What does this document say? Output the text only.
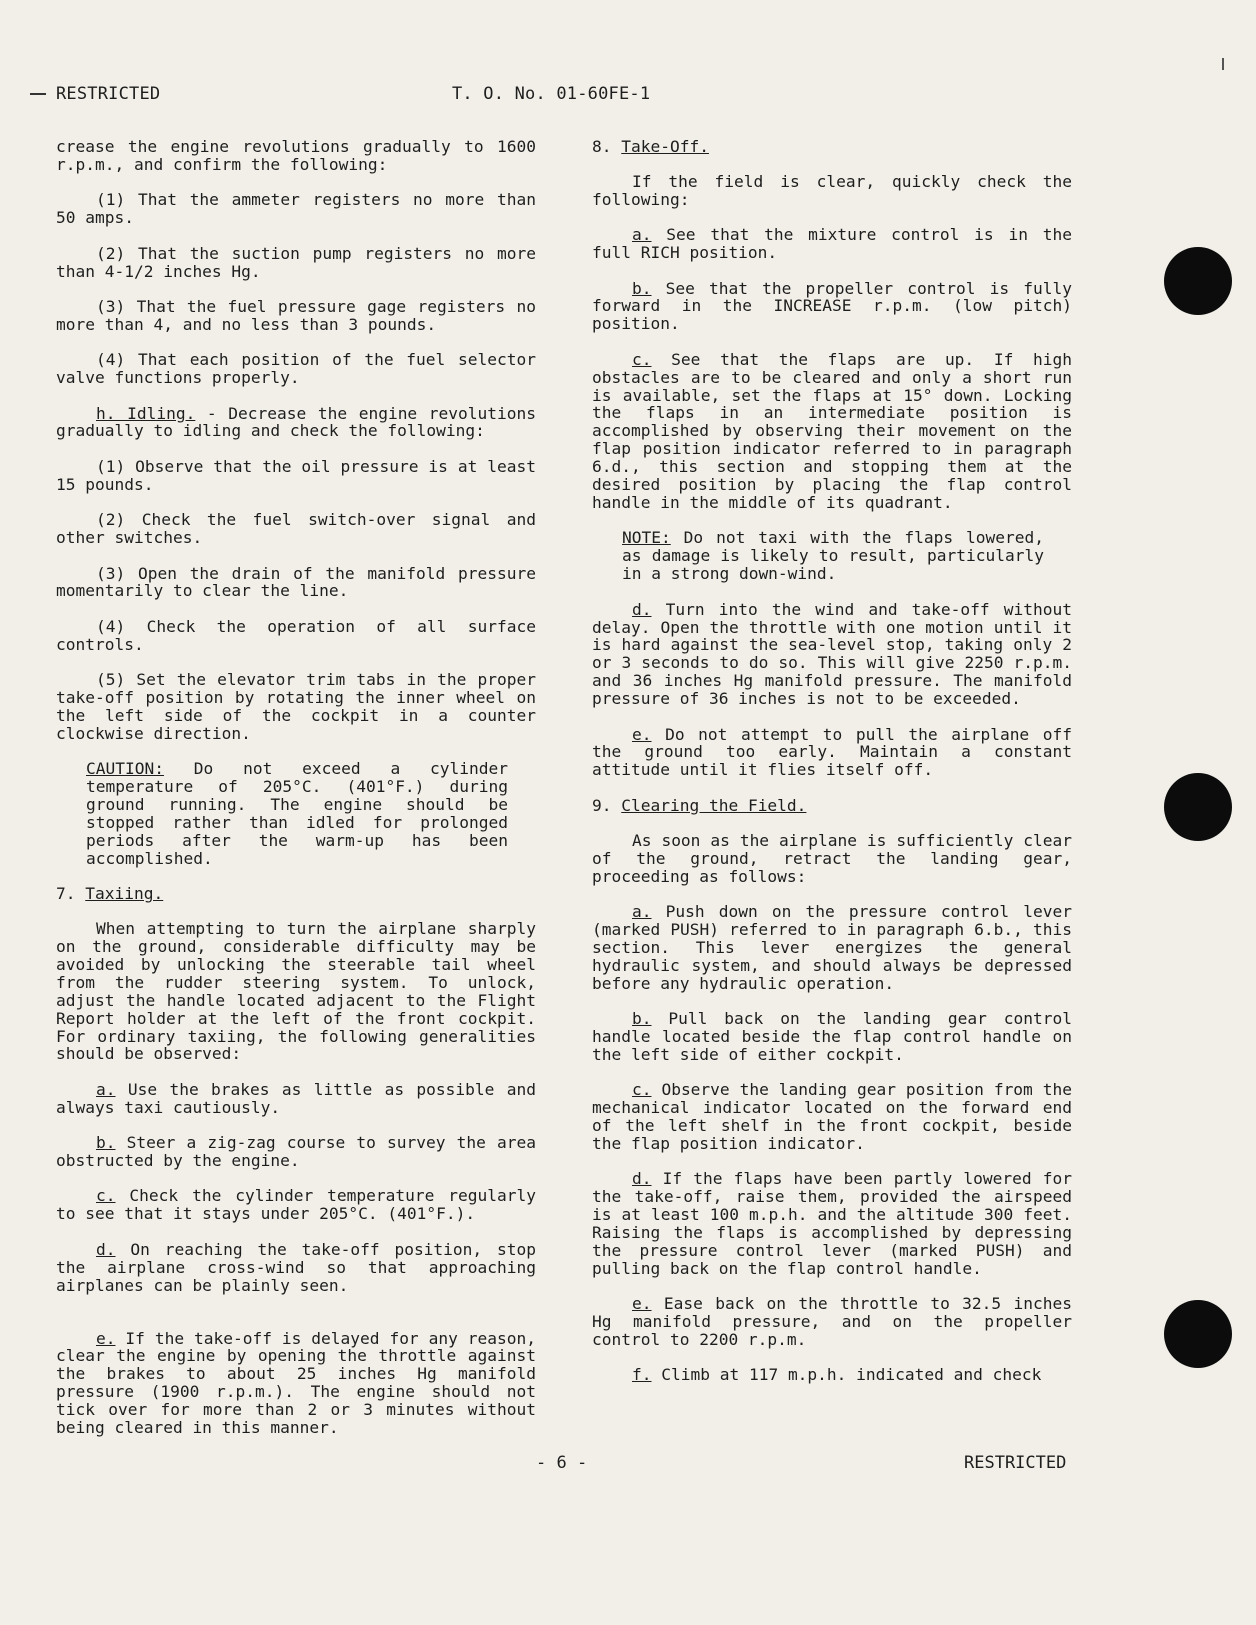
RESTRICTED	T. O. No. 01-60FE-1

crease the engine revolutions gradually to 1600 r.p.m., and confirm the following:

(1) That the ammeter registers no more than 50 amps.

(2) That the suction pump registers no more than 4-1/2 inches Hg.

(3) That the fuel pressure gage registers no more than 4, and no less than 3 pounds.

(4) That each position of the fuel selector valve functions properly.

h. Idling. - Decrease the engine revolutions gradually to idling and check the following:

(1) Observe that the oil pressure is at least 15 pounds.

(2) Check the fuel switch-over signal and other switches.

(3) Open the drain of the manifold pressure momentarily to clear the line.

(4) Check the operation of all surface controls.

(5) Set the elevator trim tabs in the proper take-off position by rotating the inner wheel on the left side of the cockpit in a counter clockwise direction.

CAUTION: Do not exceed a cylinder temperature of 205°C. (401°F.) during ground running. The engine should be stopped rather than idled for prolonged periods after the warm-up has been accomplished.

7. Taxiing.

When attempting to turn the airplane sharply on the ground, considerable difficulty may be avoided by unlocking the steerable tail wheel from the rudder steering system. To unlock, adjust the handle located adjacent to the Flight Report holder at the left of the front cockpit. For ordinary taxiing, the following generalities should be observed:

a. Use the brakes as little as possible and always taxi cautiously.

b. Steer a zig-zag course to survey the area obstructed by the engine.

c. Check the cylinder temperature regularly to see that it stays under 205°C. (401°F.).

d. On reaching the take-off position, stop the airplane cross-wind so that approaching airplanes can be plainly seen.

e. If the take-off is delayed for any reason, clear the engine by opening the throttle against the brakes to about 25 inches Hg manifold pressure (1900 r.p.m.). The engine should not tick over for more than 2 or 3 minutes without being cleared in this manner.

8. Take-Off.

If the field is clear, quickly check the following:

a. See that the mixture control is in the full RICH position.

b. See that the propeller control is fully forward in the INCREASE r.p.m. (low pitch) position.

c. See that the flaps are up. If high obstacles are to be cleared and only a short run is available, set the flaps at 15° down. Locking the flaps in an intermediate position is accomplished by observing their movement on the flap position indicator referred to in paragraph 6.d., this section and stopping them at the desired position by placing the flap control handle in the middle of its quadrant.

NOTE: Do not taxi with the flaps lowered, as damage is likely to result, particularly in a strong down-wind.

d. Turn into the wind and take-off without delay. Open the throttle with one motion until it is hard against the sea-level stop, taking only 2 or 3 seconds to do so. This will give 2250 r.p.m. and 36 inches Hg manifold pressure. The manifold pressure of 36 inches is not to be exceeded.

e. Do not attempt to pull the airplane off the ground too early. Maintain a constant attitude until it flies itself off.

9. Clearing the Field.

As soon as the airplane is sufficiently clear of the ground, retract the landing gear, proceeding as follows:

a. Push down on the pressure control lever (marked PUSH) referred to in paragraph 6.b., this section. This lever energizes the general hydraulic system, and should always be depressed before any hydraulic operation.

b. Pull back on the landing gear control handle located beside the flap control handle on the left side of either cockpit.

c. Observe the landing gear position from the mechanical indicator located on the forward end of the left shelf in the front cockpit, beside the flap position indicator.

d. If the flaps have been partly lowered for the take-off, raise them, provided the airspeed is at least 100 m.p.h. and the altitude 300 feet. Raising the flaps is accomplished by depressing the pressure control lever (marked PUSH) and pulling back on the flap control handle.

e. Ease back on the throttle to 32.5 inches Hg manifold pressure, and on the propeller control to 2200 r.p.m.

f. Climb at 117 m.p.h. indicated and check

- 6 -	RESTRICTED
